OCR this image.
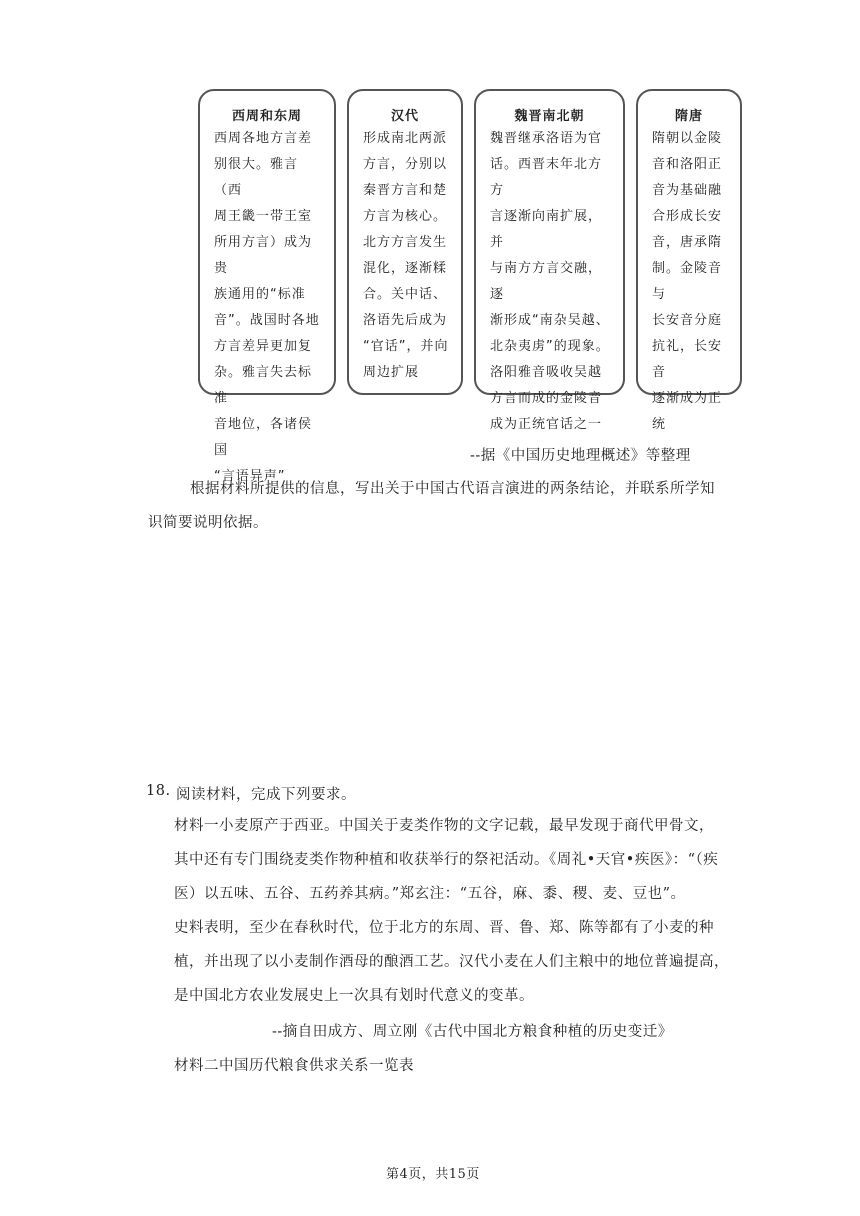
西周和东周
西周各地方言差
别很大。雅言（西
周王畿一带王室
所用方言）成为贵
族通用的“标准
音”。战国时各地
方言差异更加复
杂。雅言失去标准
音地位，各诸侯国
“言语异声”
汉代
形成南北两派
方言，分别以
秦晋方言和楚
方言为核心。
北方方言发生
混化，逐渐糅
合。关中话、
洛语先后成为
“官话”，并向
周边扩展
魏晋南北朝
魏晋继承洛语为官
话。西晋末年北方方
言逐渐向南扩展，并
与南方方言交融，逐
渐形成“南杂吴越、
北杂夷虏”的现象。
洛阳雅音吸收吴越
方言而成的金陵音
成为正统官话之一
隋唐
隋朝以金陵
音和洛阳正
音为基础融
合形成长安
音，唐承隋
制。金陵音与
长安音分庭
抗礼，长安音
逐渐成为正
统
--据《中国历史地理概述》等整理
根据材料所提供的信息，写出关于中国古代语言演进的两条结论，并联系所学知
识简要说明依据。
18. 阅读材料，完成下列要求。
材料一小麦原产于西亚。中国关于麦类作物的文字记载，最早发现于商代甲骨文，
其中还有专门围绕麦类作物种植和收获举行的祭祀活动。《周礼•天官•疾医》：“（疾
医）以五味、五谷、五药养其病。”郑玄注：“五谷，麻、黍、稷、麦、豆也”。
史料表明，至少在春秋时代，位于北方的东周、晋、鲁、郑、陈等都有了小麦的种
植，并出现了以小麦制作酒母的酿酒工艺。汉代小麦在人们主粮中的地位普遍提高，
是中国北方农业发展史上一次具有划时代意义的变革。
--摘自田成方、周立刚《古代中国北方粮食种植的历史变迁》
材料二中国历代粮食供求关系一览表
第4页，共15页
